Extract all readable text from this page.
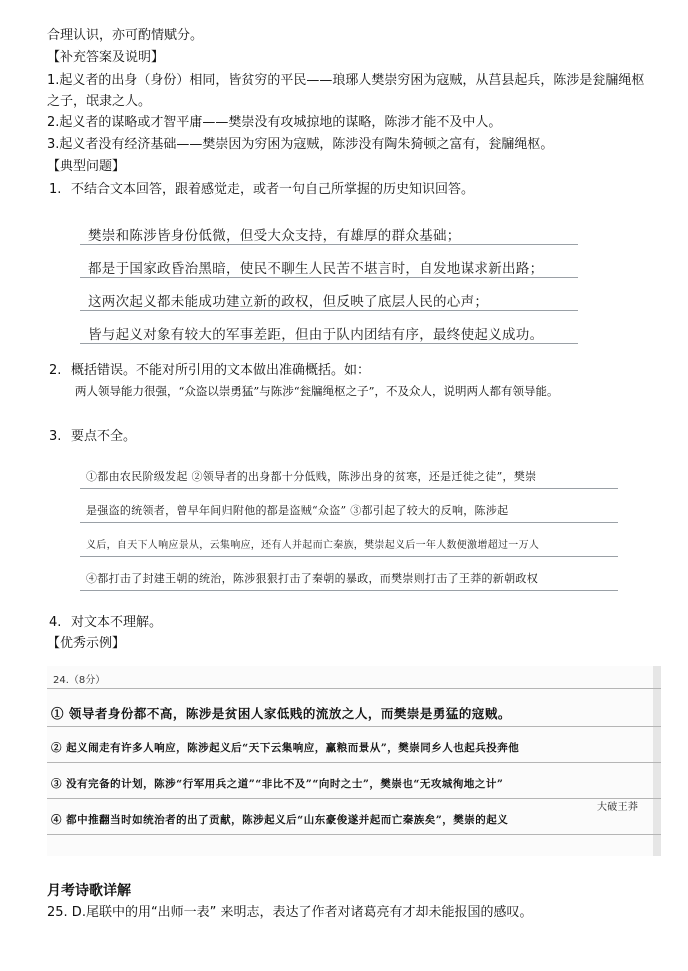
合理认识，亦可酌情赋分。
【补充答案及说明】
1.起义者的出身（身份）相同，皆贫穷的平民——琅琊人樊崇穷困为寇贼，从莒县起兵，陈涉是瓮牖绳枢之子，氓隶之人。
2.起义者的谋略或才智平庸——樊崇没有攻城掠地的谋略，陈涉才能不及中人。
3.起义者没有经济基础——樊崇因为穷困为寇贼，陈涉没有陶朱猗顿之富有，瓮牖绳枢。
【典型问题】
1. 不结合文本回答，跟着感觉走，或者一句自己所掌握的历史知识回答。
樊崇和陈涉皆身份低微，但受大众支持，有雄厚的群众基础；
都是于国家政昏治黑暗，使民不聊生人民苦不堪言时，自发地谋求新出路；
这两次起义都未能成功建立新的政权，但反映了底层人民的心声；
皆与起义对象有较大的军事差距，但由于队内团结有序，最终使起义成功。
2. 概括错误。不能对所引用的文本做出准确概括。如：
两人领导能力很强，“众盗以崇勇猛”与陈涉“瓮牖绳枢之子”，不及众人，说明两人都有领导能。
3. 要点不全。
①都由农民阶级发起 ②领导者的出身都十分低贱，陈涉出身的贫寒，还是迁徙之徒”，樊崇
是强盗的统领者，曾早年间归附他的都是盗贼“众盗” ③都引起了较大的反响，陈涉起
义后，自天下人响应景从，云集响应，还有人并起而亡秦族，樊崇起义后一年人数便激增超过一万人
④都打击了封建王朝的统治，陈涉狠狠打击了秦朝的暴政，而樊崇则打击了王莽的新朝政权
4. 对文本不理解。
【优秀示例】
24.（8分）
① 领导者身份都不高，陈涉是贫困人家低贱的流放之人，而樊崇是勇猛的寇贼。
② 起义闹走有许多人响应，陈涉起义后“天下云集响应，赢粮而景从”，樊崇同乡人也起兵投奔他
③ 没有完备的计划，陈涉“行军用兵之道”“非比不及”“向时之士”，樊崇也“无攻城徇地之计”
大破王莽
④ 都中推翻当时如统治者的出了贡献，陈涉起义后“山东豪俊遂并起而亡秦族矣”，樊崇的起义
月考诗歌详解
25. D.尾联中的用“出师一表” 来明志，表达了作者对诸葛亮有才却未能报国的感叹。
